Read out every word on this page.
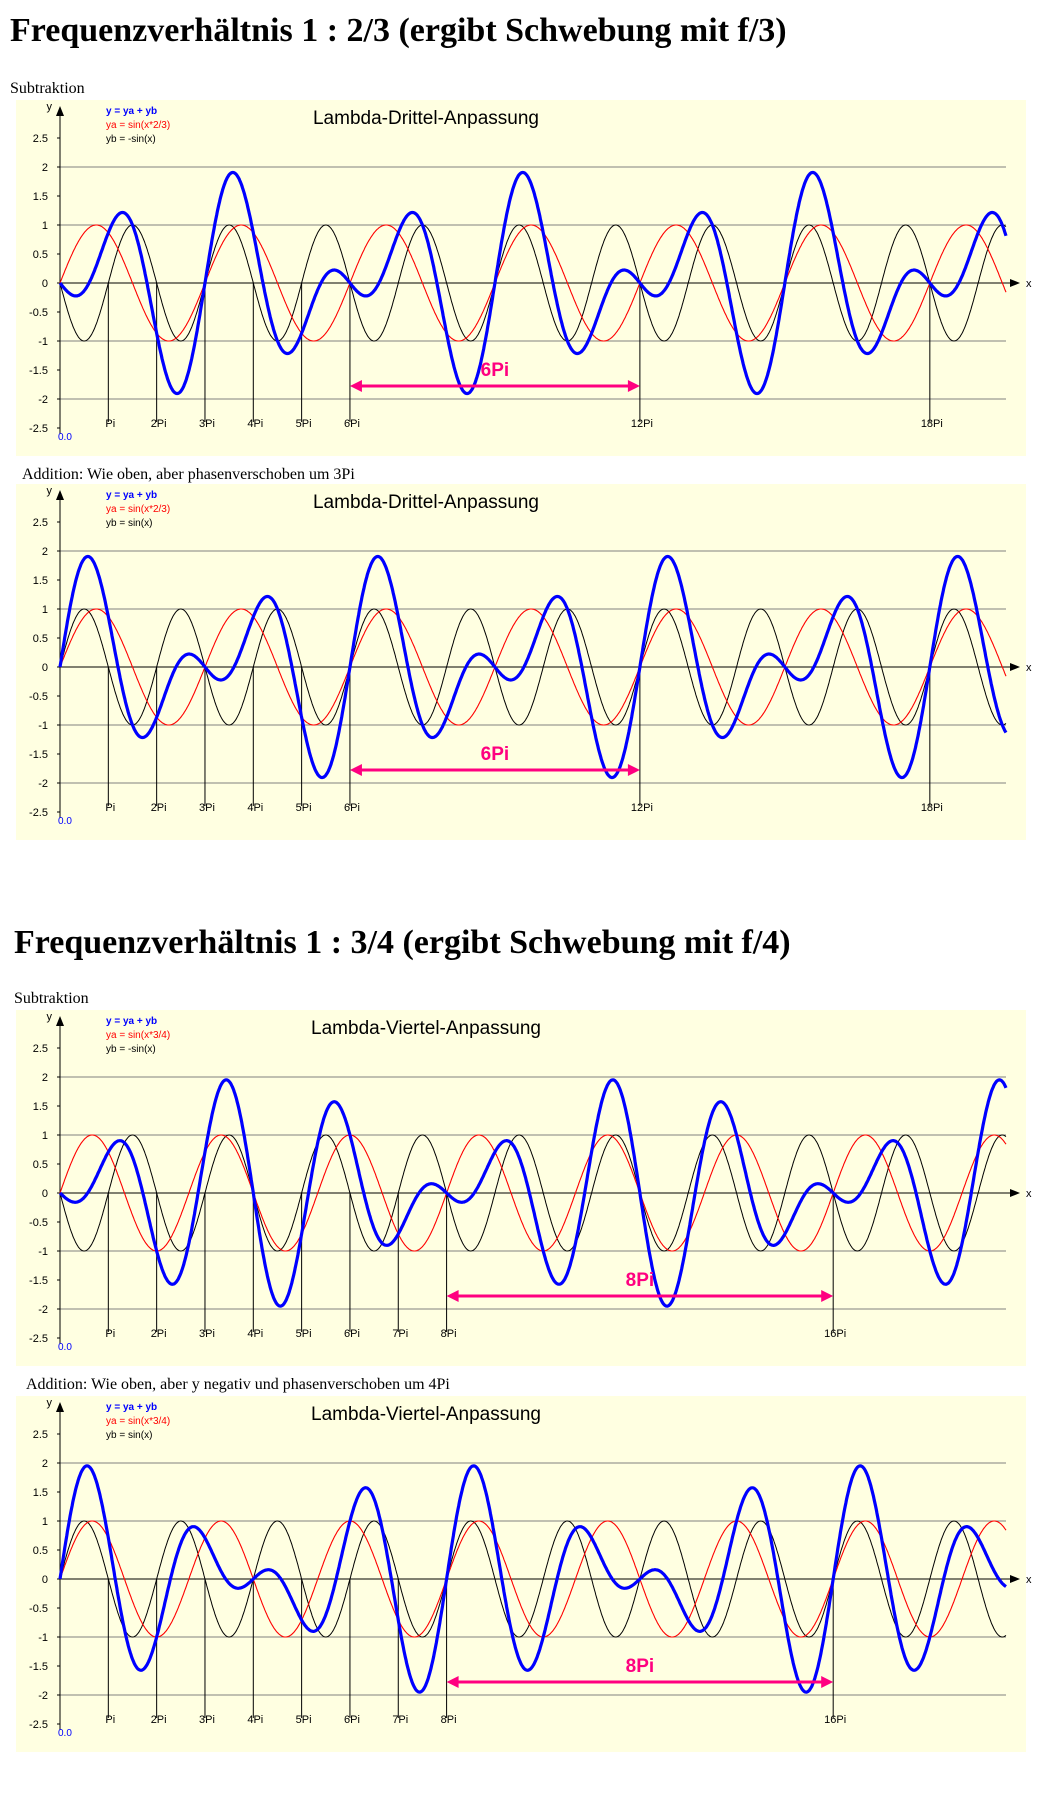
Frequenzverhältnis 1 : 2/3 (ergibt Schwebung mit f/3)
Subtraktion
x
y
2.5
2
1.5
1
0.5
0
-0.5
-1
-1.5
-2
-2.5
0.0
Pi	2Pi	3Pi	4Pi	5Pi	6Pi	12Pi	18Pi
y = ya + yb
ya = sin(x*2/3)
yb = -sin(x)
Lambda-Drittel-Anpassung
6Pi
Addition: Wie oben, aber phasenverschoben um 3Pi
x
y
2.5
2
1.5
1
0.5
0
-0.5
-1
-1.5
-2
-2.5
0.0
Pi	2Pi	3Pi	4Pi	5Pi	6Pi	12Pi	18Pi
y = ya + yb
ya = sin(x*2/3)
yb = sin(x)
Lambda-Drittel-Anpassung
6Pi
Frequenzverhältnis 1 : 3/4 (ergibt Schwebung mit f/4)
Subtraktion
x
y
2.5
2
1.5
1
0.5
0
-0.5
-1
-1.5
-2
-2.5
0.0
Pi	2Pi	3Pi	4Pi	5Pi	6Pi	7Pi	8Pi	16Pi
y = ya + yb
ya = sin(x*3/4)
yb = -sin(x)
Lambda-Viertel-Anpassung
8Pi
Addition: Wie oben, aber y negativ und phasenverschoben um 4Pi
x
y
2.5
2
1.5
1
0.5
0
-0.5
-1
-1.5
-2
-2.5
0.0
Pi	2Pi	3Pi	4Pi	5Pi	6Pi	7Pi	8Pi	16Pi
y = ya + yb
ya = sin(x*3/4)
yb = sin(x)
Lambda-Viertel-Anpassung
8Pi
